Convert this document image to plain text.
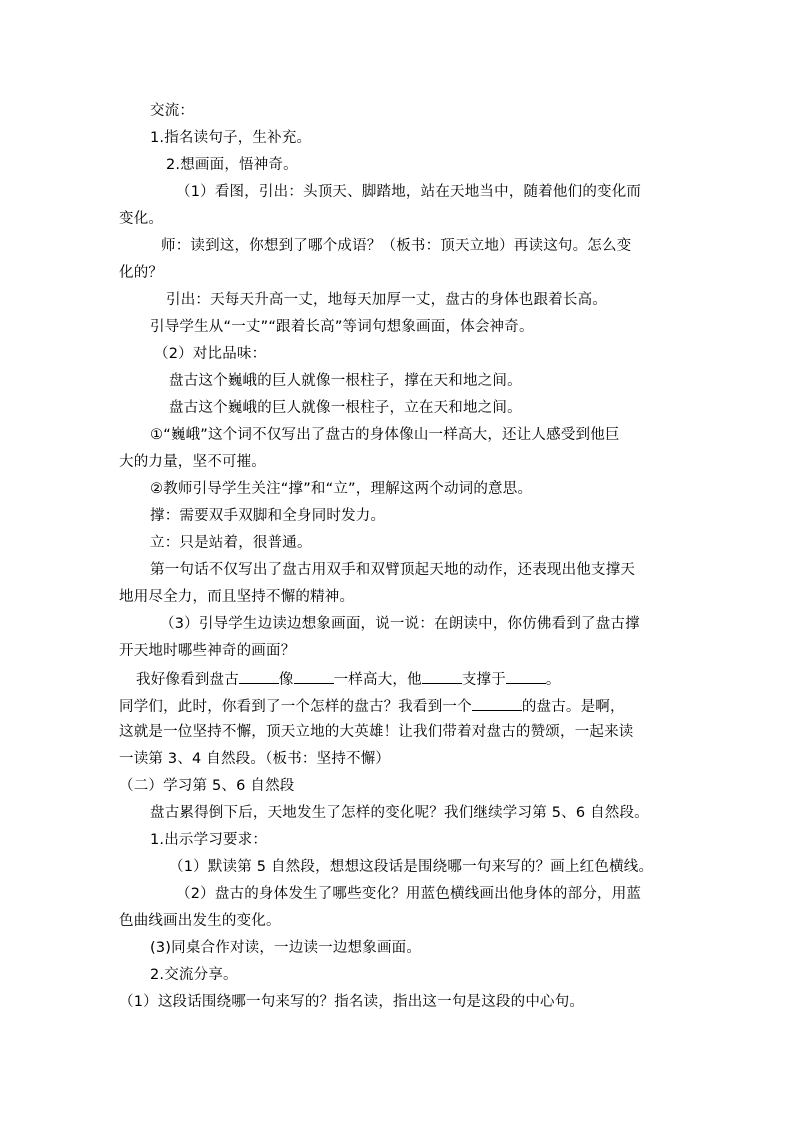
交流：
1.指名读句子，生补充。
2.想画面，悟神奇。
（1）看图，引出：头顶天、脚踏地，站在天地当中，随着他们的变化而
变化。
师：读到这，你想到了哪个成语？（板书：顶天立地）再读这句。怎么变
化的？
引出：天每天升高一丈，地每天加厚一丈，盘古的身体也跟着长高。
引导学生从“一丈”“跟着长高”等词句想象画面，体会神奇。
（2）对比品味：
盘古这个巍峨的巨人就像一根柱子，撑在天和地之间。
盘古这个巍峨的巨人就像一根柱子，立在天和地之间。
①“巍峨”这个词不仅写出了盘古的身体像山一样高大，还让人感受到他巨
大的力量，坚不可摧。
②教师引导学生关注“撑”和“立”，理解这两个动词的意思。
撑：需要双手双脚和全身同时发力。
立：只是站着，很普通。
第一句话不仅写出了盘古用双手和双臂顶起天地的动作，还表现出他支撑天
地用尽全力，而且坚持不懈的精神。
（3）引导学生边读边想象画面，说一说：在朗读中，你仿佛看到了盘古撑
开天地时哪些神奇的画面？
我好像看到盘古	像	一样高大，他	支撑于	。
同学们，此时，你看到了一个怎样的盘古？我看到一个	的盘古。是啊，
这就是一位坚持不懈，顶天立地的大英雄！让我们带着对盘古的赞颂，一起来读
一读第 3、4 自然段。（板书：坚持不懈）
（二）学习第 5、6 自然段
盘古累得倒下后，天地发生了怎样的变化呢？我们继续学习第 5、6 自然段。
1.出示学习要求：
（1）默读第 5 自然段，想想这段话是围绕哪一句来写的？画上红色横线。
（2）盘古的身体发生了哪些变化？用蓝色横线画出他身体的部分，用蓝
色曲线画出发生的变化。
(3)同桌合作对读，一边读一边想象画面。
2.交流分享。
（1）这段话围绕哪一句来写的？指名读，指出这一句是这段的中心句。
